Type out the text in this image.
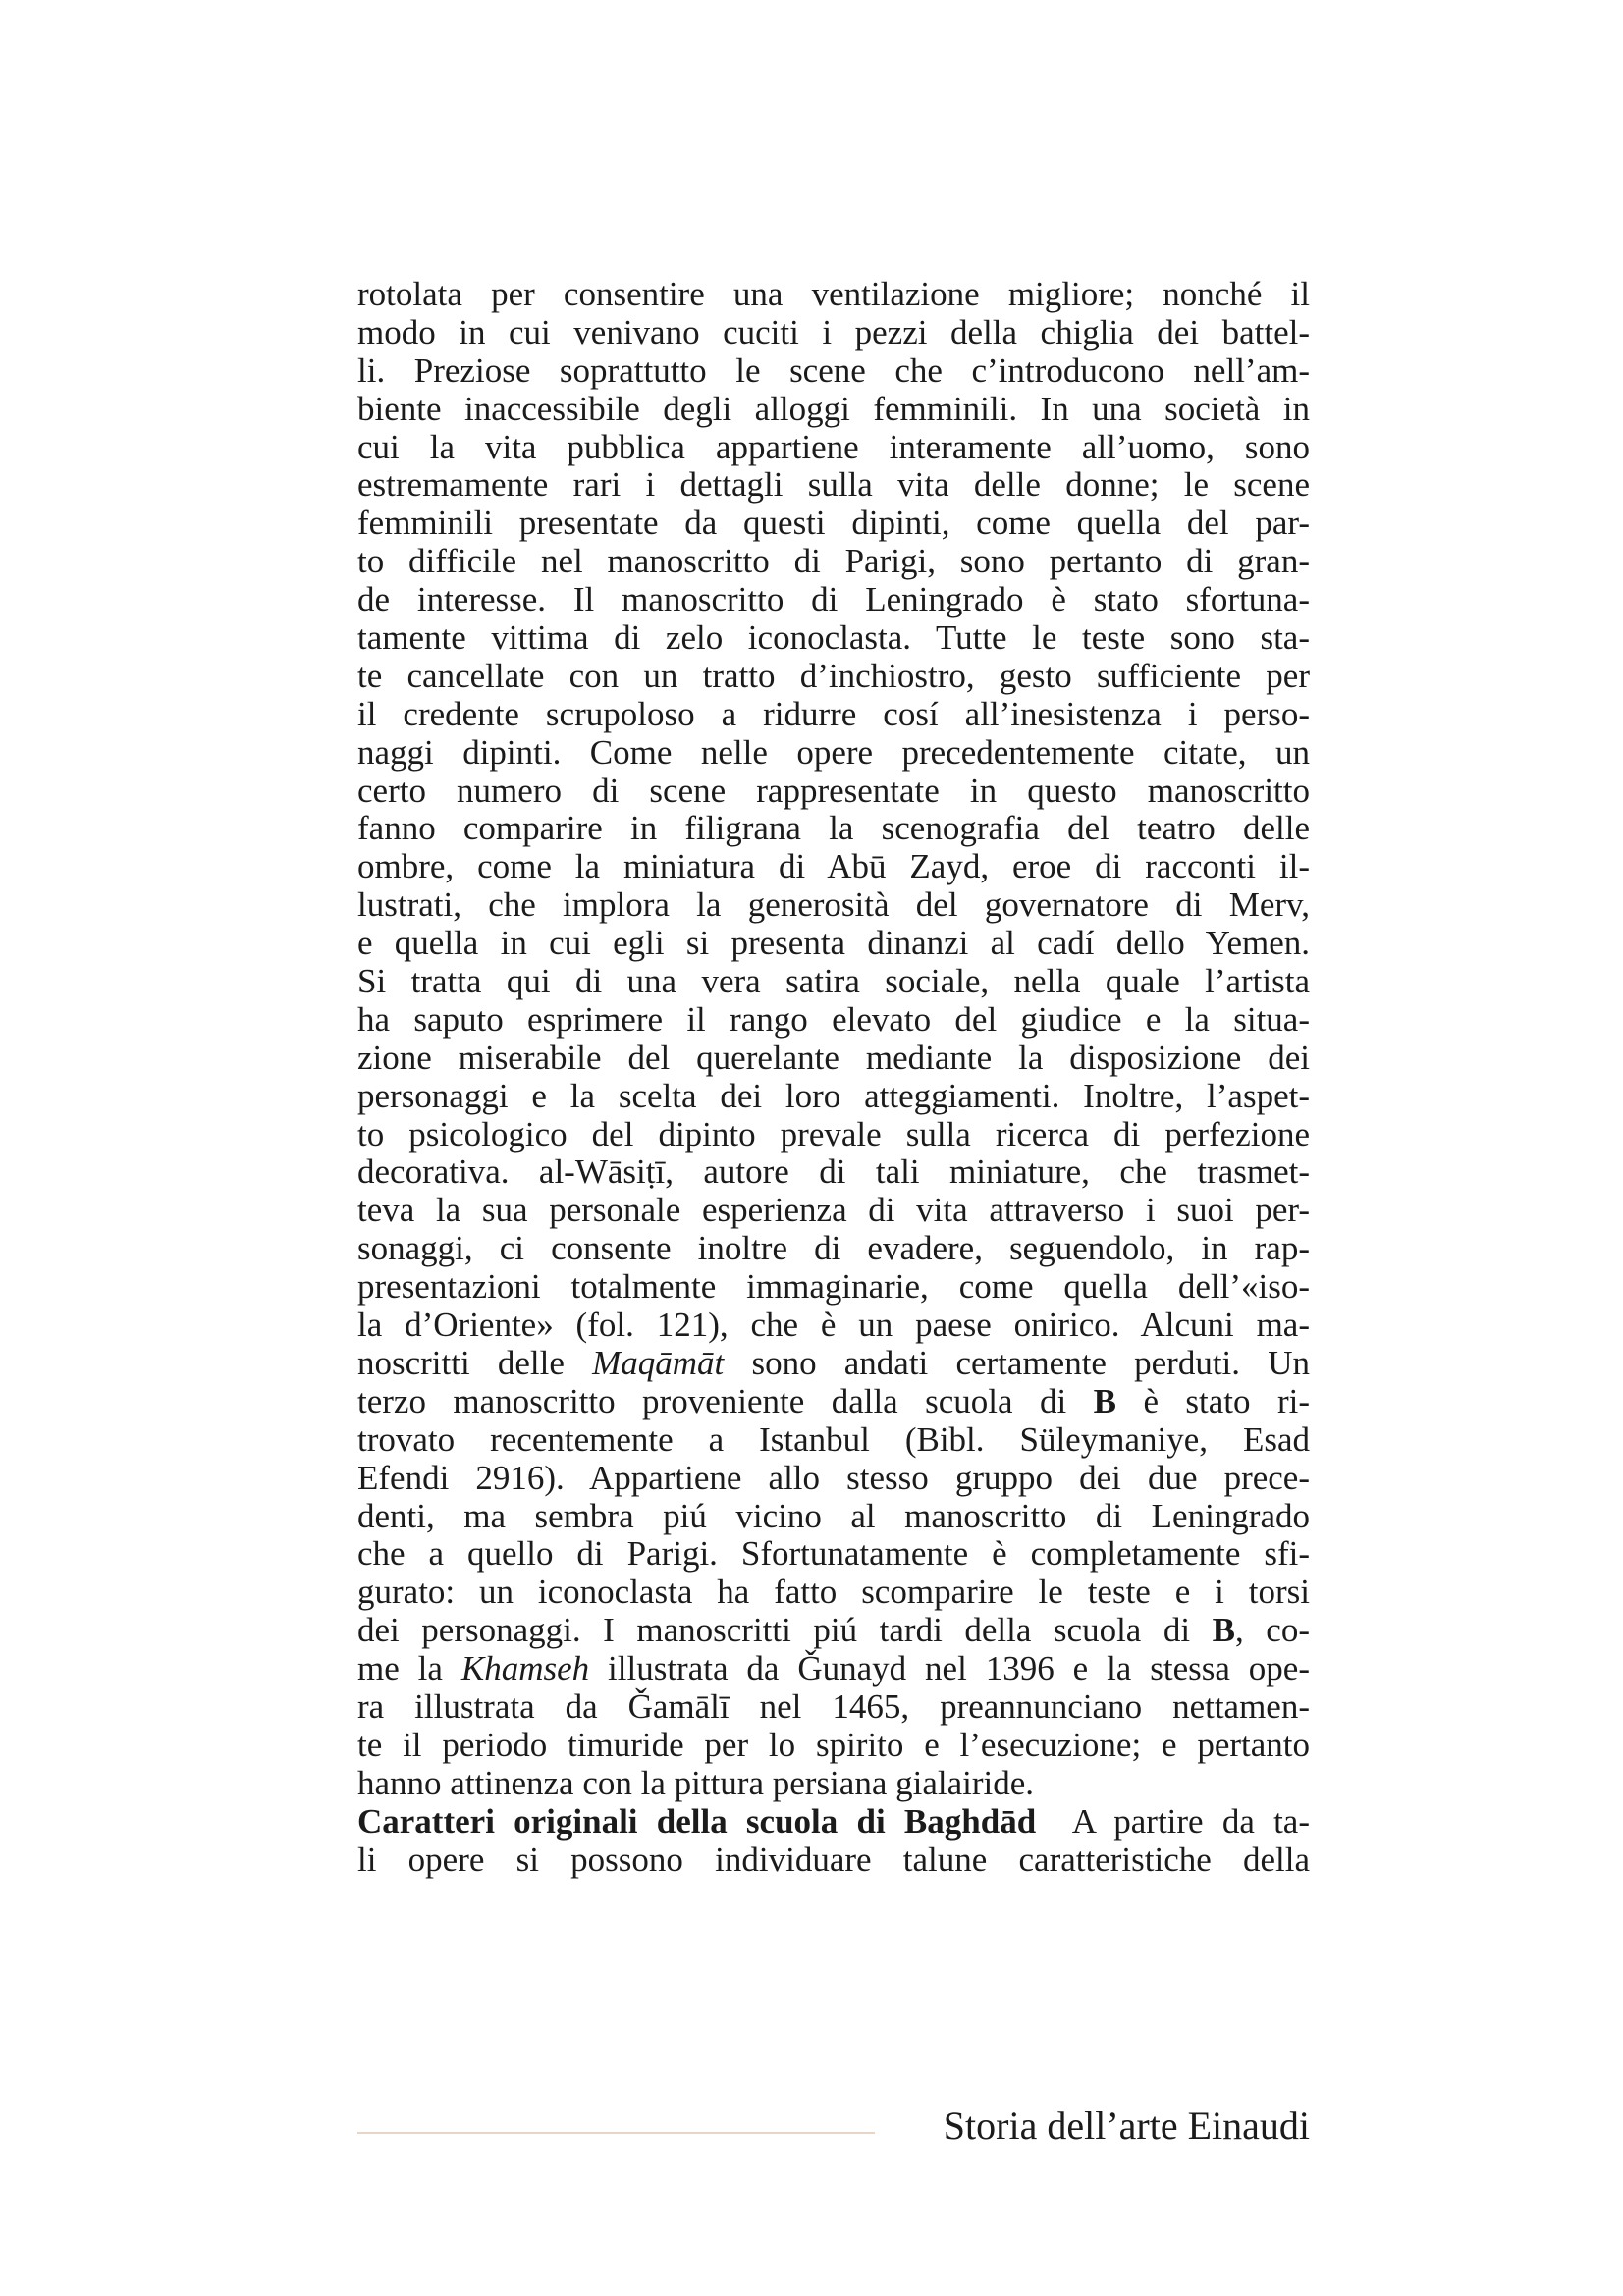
rotolata per consentire una ventilazione migliore; nonché il
modo in cui venivano cuciti i pezzi della chiglia dei battel-
li. Preziose soprattutto le scene che c’introducono nell’am-
biente inaccessibile degli alloggi femminili. In una società in
cui la vita pubblica appartiene interamente all’uomo, sono
estremamente rari i dettagli sulla vita delle donne; le scene
femminili presentate da questi dipinti, come quella del par-
to difficile nel manoscritto di Parigi, sono pertanto di gran-
de interesse. Il manoscritto di Leningrado è stato sfortuna-
tamente vittima di zelo iconoclasta. Tutte le teste sono sta-
te cancellate con un tratto d’inchiostro, gesto sufficiente per
il credente scrupoloso a ridurre cosí all’inesistenza i perso-
naggi dipinti. Come nelle opere precedentemente citate, un
certo numero di scene rappresentate in questo manoscritto
fanno comparire in filigrana la scenografia del teatro delle
ombre, come la miniatura di Abū Zayd, eroe di racconti il-
lustrati, che implora la generosità del governatore di Merv,
e quella in cui egli si presenta dinanzi al cadí dello Yemen.
Si tratta qui di una vera satira sociale, nella quale l’artista
ha saputo esprimere il rango elevato del giudice e la situa-
zione miserabile del querelante mediante la disposizione dei
personaggi e la scelta dei loro atteggiamenti. Inoltre, l’aspet-
to psicologico del dipinto prevale sulla ricerca di perfezione
decorativa. al-Wāsiṭī, autore di tali miniature, che trasmet-
teva la sua personale esperienza di vita attraverso i suoi per-
sonaggi, ci consente inoltre di evadere, seguendolo, in rap-
presentazioni totalmente immaginarie, come quella dell’«iso-
la d’Oriente» (fol. 121), che è un paese onirico. Alcuni ma-
noscritti delle Maqāmāt sono andati certamente perduti. Un
terzo manoscritto proveniente dalla scuola di B è stato ri-
trovato recentemente a Istanbul (Bibl. Süleymaniye, Esad
Efendi 2916). Appartiene allo stesso gruppo dei due prece-
denti, ma sembra piú vicino al manoscritto di Leningrado
che a quello di Parigi. Sfortunatamente è completamente sfi-
gurato: un iconoclasta ha fatto scomparire le teste e i torsi
dei personaggi. I manoscritti piú tardi della scuola di B, co-
me la Khamseh illustrata da Ǧunayd nel 1396 e la stessa ope-
ra illustrata da Ǧamālī nel 1465, preannunciano nettamen-
te il periodo timuride per lo spirito e l’esecuzione; e pertanto
hanno attinenza con la pittura persiana gialairide.
Caratteri originali della scuola di Baghdād  A partire da ta-
li opere si possono individuare talune caratteristiche della
Storia dell’arte Einaudi
